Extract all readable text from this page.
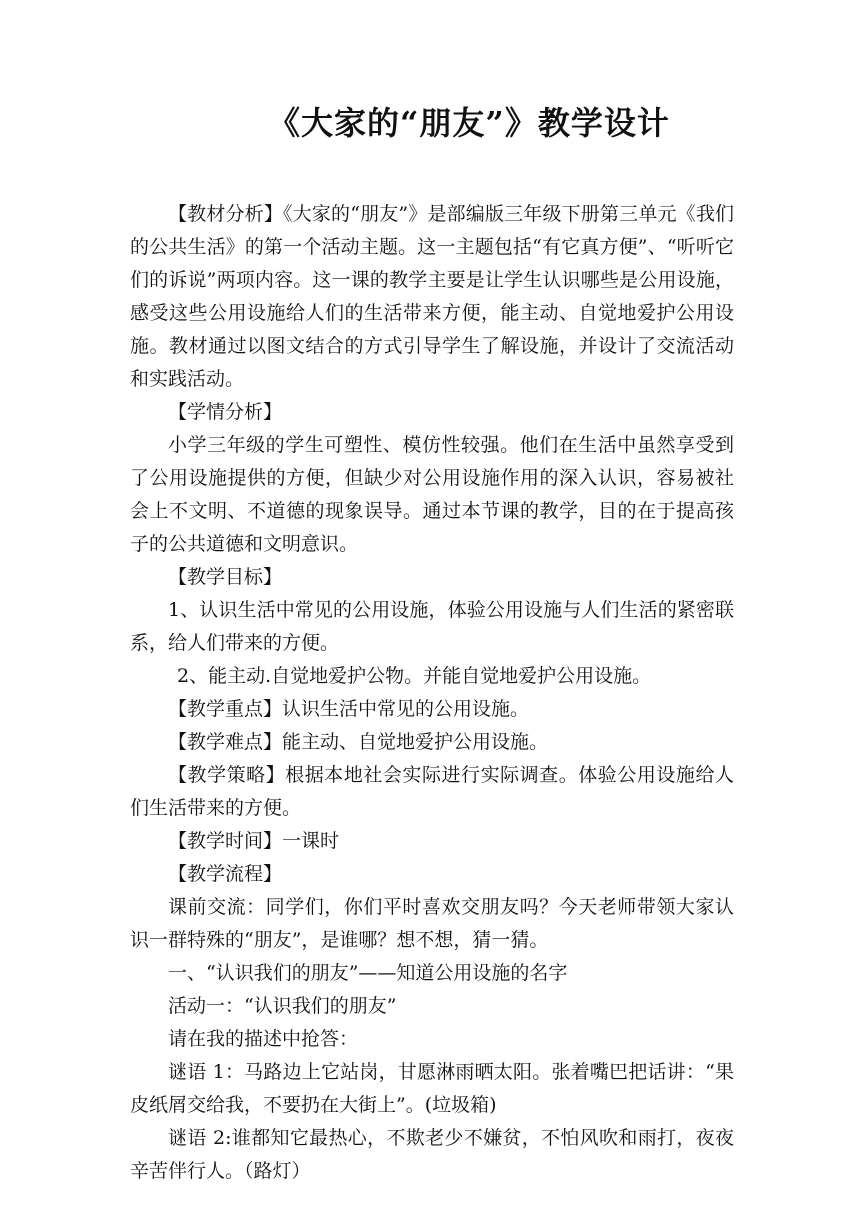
《大家的“朋友”》教学设计

【教材分析】《大家的“朋友”》是部编版三年级下册第三单元《我们的公共生活》的第一个活动主题。这一主题包括“有它真方便”、“听听它们的诉说”两项内容。这一课的教学主要是让学生认识哪些是公用设施，感受这些公用设施给人们的生活带来方便，能主动、自觉地爱护公用设施。教材通过以图文结合的方式引导学生了解设施，并设计了交流活动和实践活动。

【学情分析】

小学三年级的学生可塑性、模仿性较强。他们在生活中虽然享受到了公用设施提供的方便，但缺少对公用设施作用的深入认识，容易被社会上不文明、不道德的现象误导。通过本节课的教学，目的在于提高孩子的公共道德和文明意识。

【教学目标】

1、认识生活中常见的公用设施，体验公用设施与人们生活的紧密联系，给人们带来的方便。

2、能主动.自觉地爱护公物。并能自觉地爱护公用设施。

【教学重点】认识生活中常见的公用设施。

【教学难点】能主动、自觉地爱护公用设施。

【教学策略】根据本地社会实际进行实际调查。体验公用设施给人们生活带来的方便。

【教学时间】一课时

【教学流程】

课前交流：同学们，你们平时喜欢交朋友吗？今天老师带领大家认识一群特殊的“朋友”，是谁哪？想不想，猜一猜。

一、“认识我们的朋友”——知道公用设施的名字

活动一：“认识我们的朋友”

请在我的描述中抢答：

谜语 1：马路边上它站岗，甘愿淋雨晒太阳。张着嘴巴把话讲：“果皮纸屑交给我，不要扔在大街上”。(垃圾箱)

谜语 2:谁都知它最热心，不欺老少不嫌贫，不怕风吹和雨打，夜夜辛苦伴行人。（路灯）
